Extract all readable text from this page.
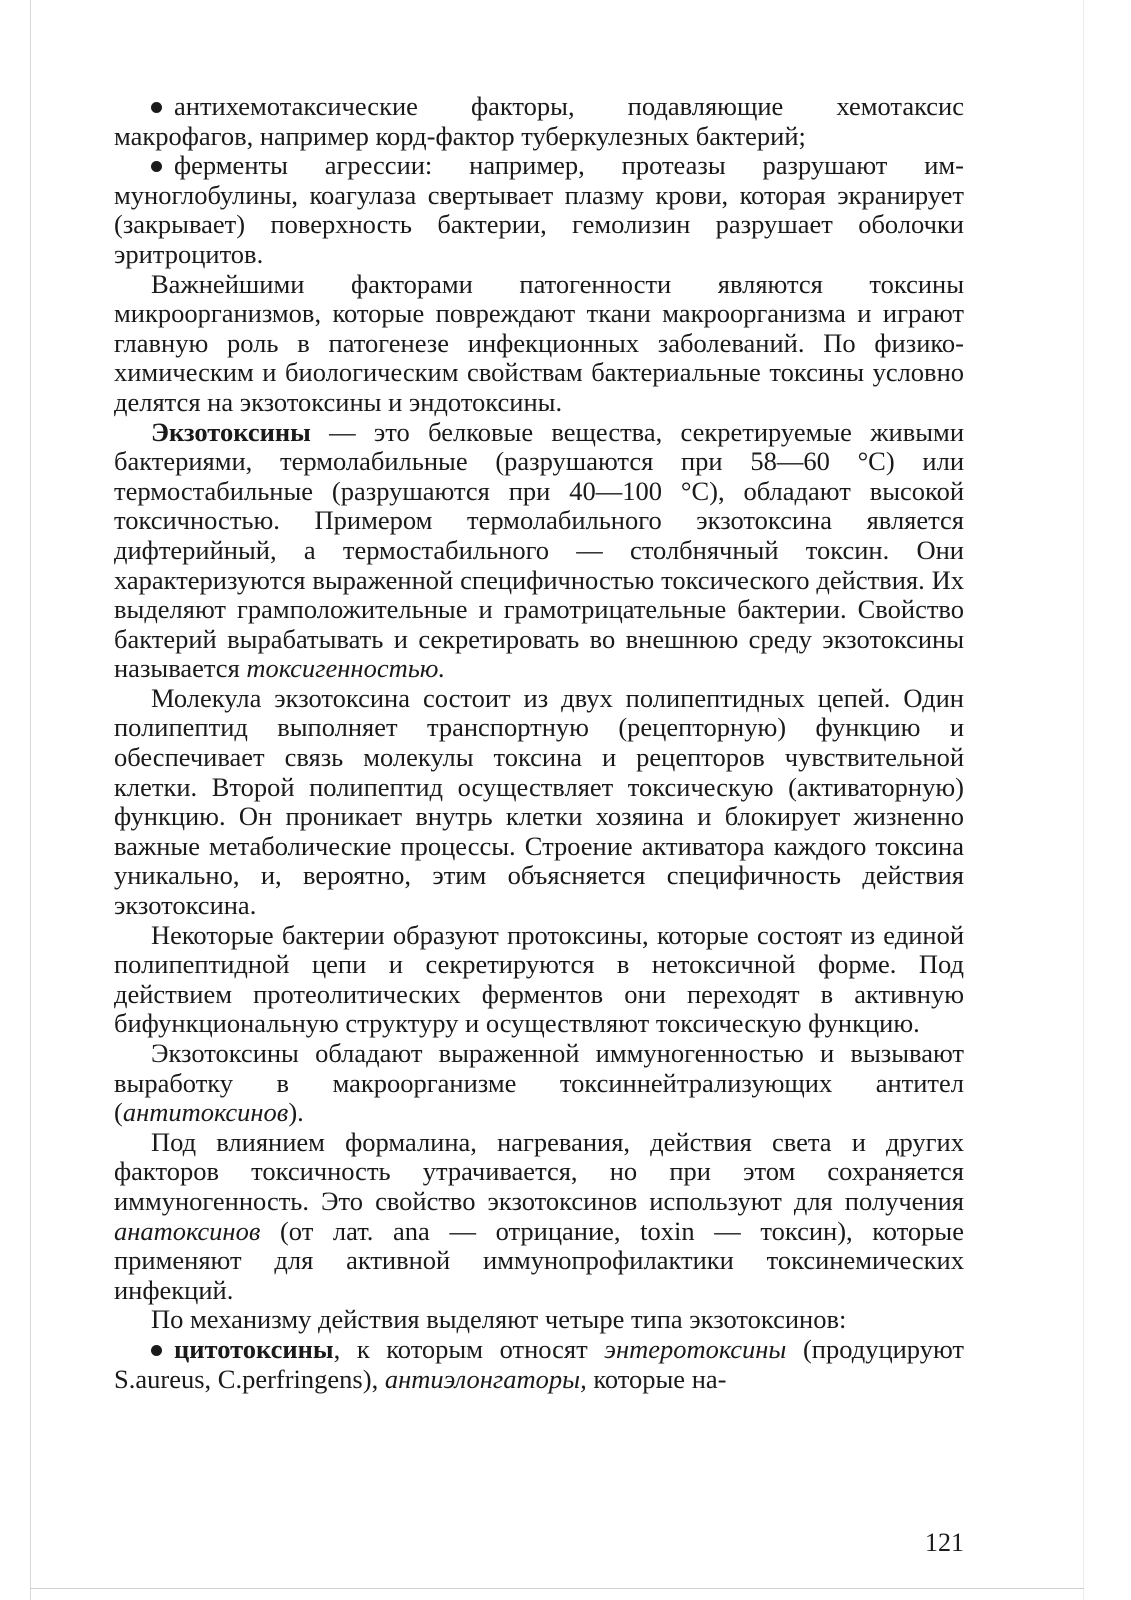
антихемотаксические факторы, подавляющие хемотаксис макрофагов, например корд-фактор туберкулезных бактерий;

ферменты агрессии: например, протеазы разрушают иммуноглобулины, коагулаза свертывает плазму крови, которая экранирует (закрывает) поверхность бактерии, гемолизин разрушает оболочки эритроцитов.

Важнейшими факторами патогенности являются токсины микроорганизмов, которые повреждают ткани макроорганизма и играют главную роль в патогенезе инфекционных заболеваний. По физико-химическим и биологическим свойствам бактериальные токсины условно делятся на экзотоксины и эндотоксины.

Экзотоксины — это белковые вещества, секретируемые живыми бактериями, термолабильные (разрушаются при 58—60 °С) или термостабильные (разрушаются при 40—100 °С), обладают высокой токсичностью. Примером термолабильного экзотоксина является дифтерийный, а термостабильного — столбнячный токсин. Они характеризуются выраженной специфичностью токсического действия. Их выделяют грамположительные и грамотрицательные бактерии. Свойство бактерий вырабатывать и секретировать во внешнюю среду экзотоксины называется токсигенностью.

Молекула экзотоксина состоит из двух полипептидных цепей. Один полипептид выполняет транспортную (рецепторную) функцию и обеспечивает связь молекулы токсина и рецепторов чувствительной клетки. Второй полипептид осуществляет токсическую (активаторную) функцию. Он проникает внутрь клетки хозяина и блокирует жизненно важные метаболические процессы. Строение активатора каждого токсина уникально, и, вероятно, этим объясняется специфичность действия экзотоксина.

Некоторые бактерии образуют протоксины, которые состоят из единой полипептидной цепи и секретируются в нетоксичной форме. Под действием протеолитических ферментов они переходят в активную бифункциональную структуру и осуществляют токсическую функцию.

Экзотоксины обладают выраженной иммуногенностью и вызывают выработку в макроорганизме токсиннейтрализующих антител (антитоксинов).

Под влиянием формалина, нагревания, действия света и других факторов токсичность утрачивается, но при этом сохраняется иммуногенность. Это свойство экзотоксинов используют для получения анатоксинов (от лат. ana — отрицание, toxin — токсин), которые применяют для активной иммунопрофилактики токсинемических инфекций.

По механизму действия выделяют четыре типа экзотоксинов:

цитотоксины, к которым относят энтеротоксины (продуцируют S.aureus, C.perfringens), антиэлонгаторы, которые на-

121
